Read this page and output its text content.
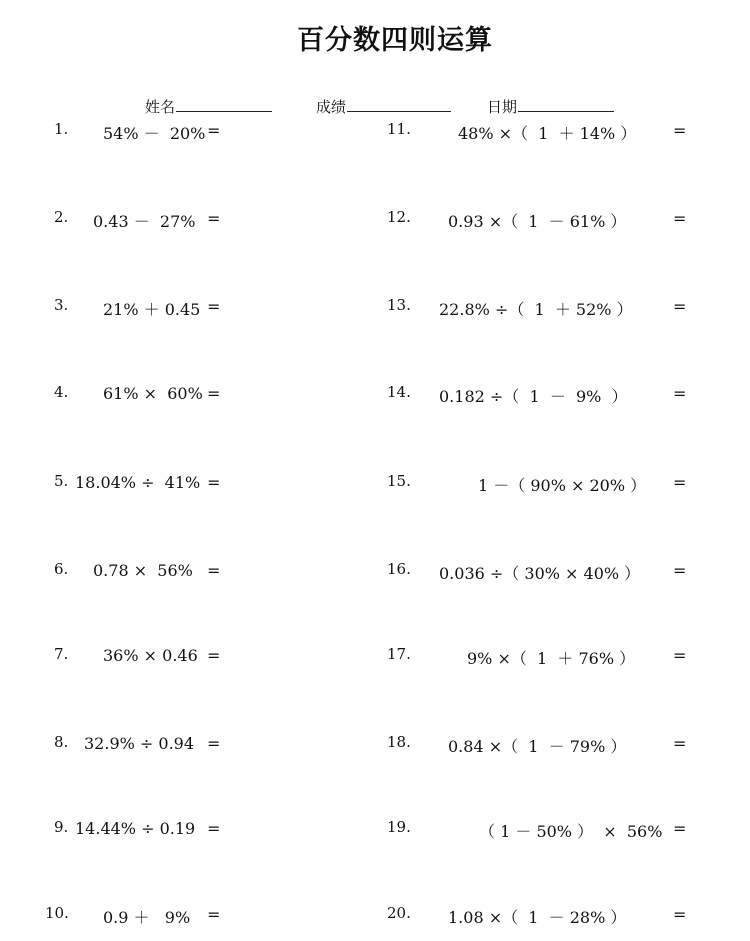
百分数四则运算
姓名	成绩	日期
1. 54% －  20% =
2. 0.43 －  27% =
3. 21% ＋ 0.45 =
4. 61% ×  60% =
5. 18.04% ÷  41% =
6. 0.78 ×  56% =
7. 36% × 0.46 =
8. 32.9% ÷ 0.94 =
9. 14.44% ÷ 0.19 =
10. 0.9 ＋   9% =
11.	48% ×（  1  ＋ 14% ） =
12. 0.93 ×（  1  － 61% ）	=
13. 22.8% ÷（  1  ＋ 52% ）	=
14. 0.182 ÷（  1  －  9%  ）	=
15.	1 －（ 90% × 20% ） =
16. 0.036 ÷（ 30% × 40% ） =
17.	9% ×（  1  ＋ 76% ） =
18. 0.84 ×（  1  － 79% ）	=
19.	（ 1 － 50% ）  ×  56% =
20. 1.08 ×（  1  － 28% ）	=
